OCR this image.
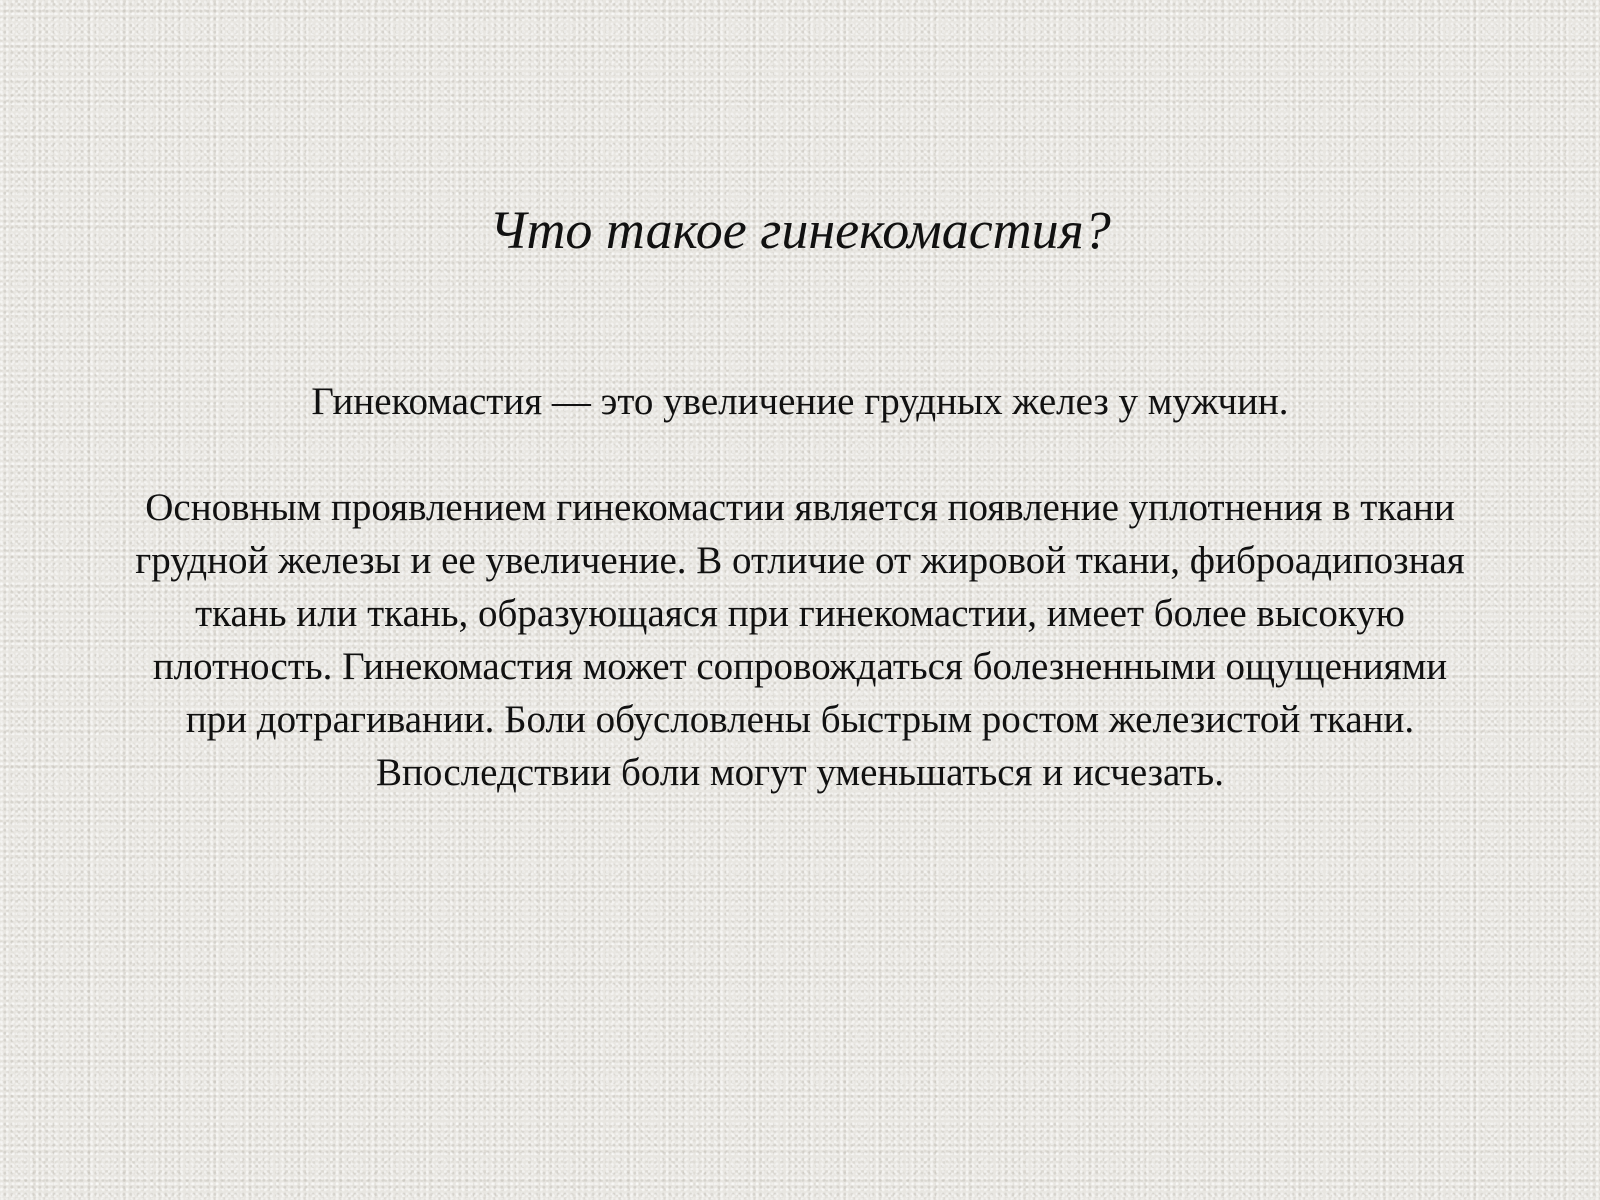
Что такое гинекомастия?

Гинекомастия — это увеличение грудных желез у мужчин.

Основным проявлением гинекомастии является появление уплотнения в ткани грудной железы и ее увеличение. В отличие от жировой ткани, фиброадипозная ткань или ткань, образующаяся при гинекомастии, имеет более высокую плотность. Гинекомастия может сопровождаться болезненными ощущениями при дотрагивании. Боли обусловлены быстрым ростом железистой ткани. Впоследствии боли могут уменьшаться и исчезать.
